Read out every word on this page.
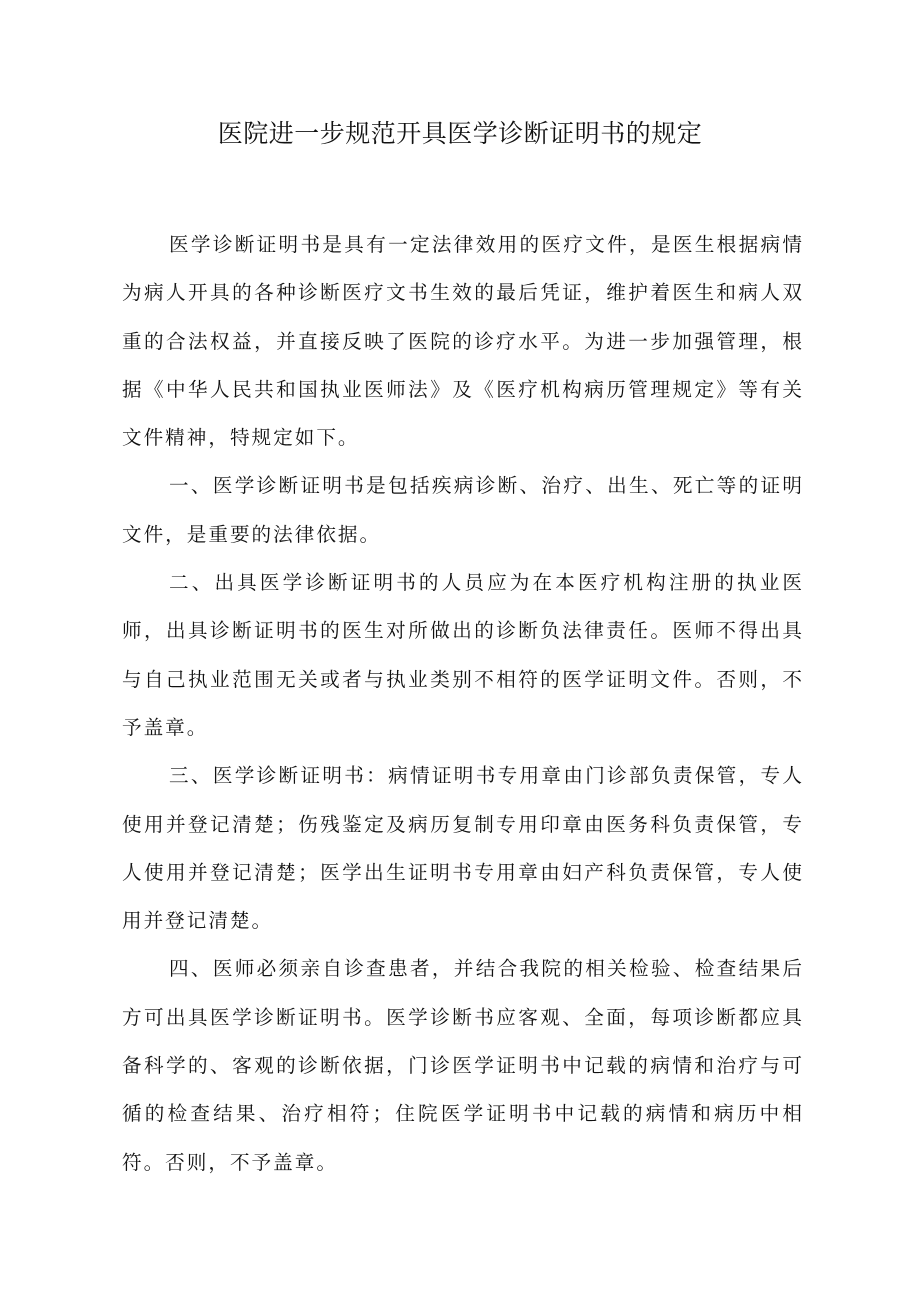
医院进一步规范开具医学诊断证明书的规定

医学诊断证明书是具有一定法律效用的医疗文件，是医生根据病情为病人开具的各种诊断医疗文书生效的最后凭证，维护着医生和病人双重的合法权益，并直接反映了医院的诊疗水平。为进一步加强管理，根据《中华人民共和国执业医师法》及《医疗机构病历管理规定》等有关文件精神，特规定如下。

一、医学诊断证明书是包括疾病诊断、治疗、出生、死亡等的证明文件，是重要的法律依据。

二、出具医学诊断证明书的人员应为在本医疗机构注册的执业医师，出具诊断证明书的医生对所做出的诊断负法律责任。医师不得出具与自己执业范围无关或者与执业类别不相符的医学证明文件。否则，不予盖章。

三、医学诊断证明书：病情证明书专用章由门诊部负责保管，专人使用并登记清楚；伤残鉴定及病历复制专用印章由医务科负责保管，专人使用并登记清楚；医学出生证明书专用章由妇产科负责保管，专人使用并登记清楚。

四、医师必须亲自诊查患者，并结合我院的相关检验、检查结果后方可出具医学诊断证明书。医学诊断书应客观、全面，每项诊断都应具备科学的、客观的诊断依据，门诊医学证明书中记载的病情和治疗与可循的检查结果、治疗相符；住院医学证明书中记载的病情和病历中相符。否则，不予盖章。
